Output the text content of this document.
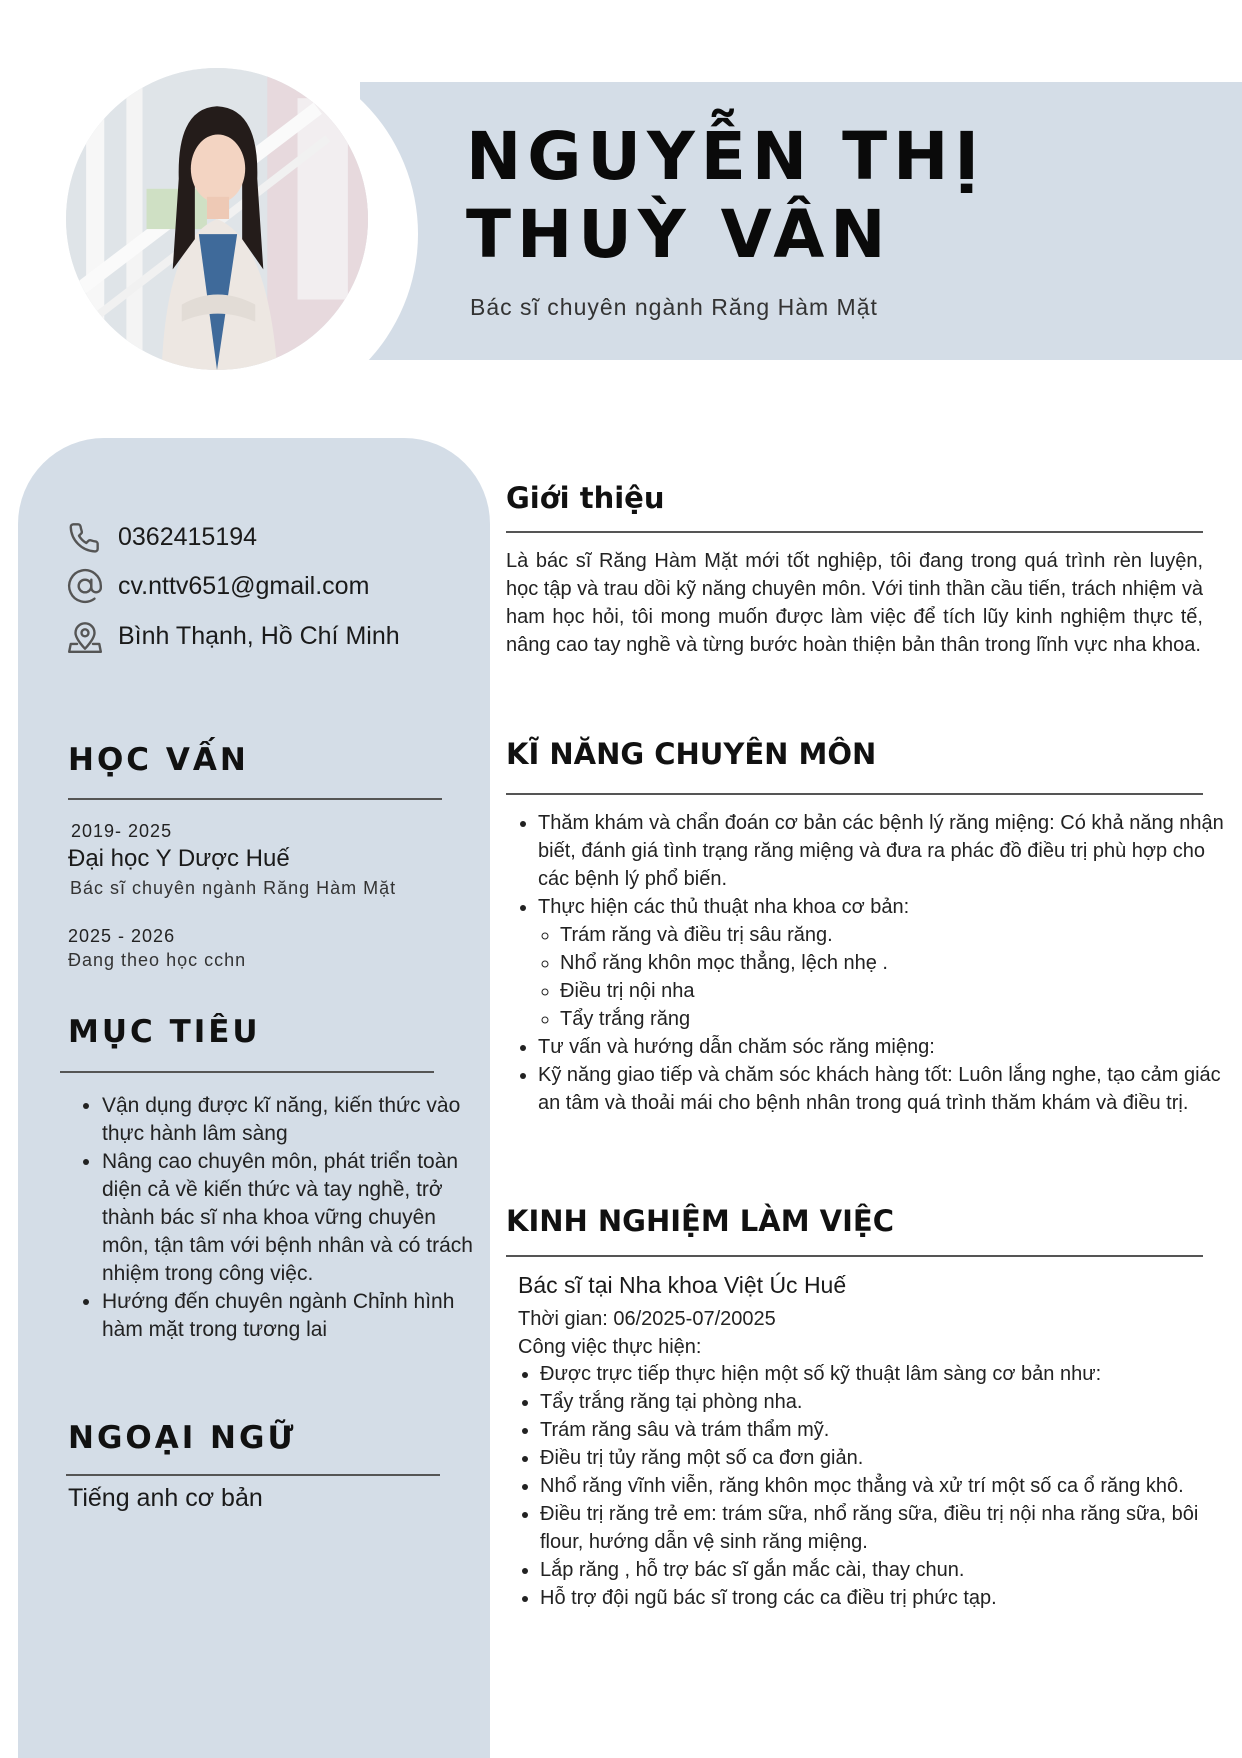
NGUYỄN THỊ
THUỲ VÂN
Bác sĩ chuyên ngành Răng Hàm Mặt
0362415194
cv.nttv651@gmail.com
Bình Thạnh, Hồ Chí Minh
HỌC VẤN
2019- 2025
Đại học Y Dược Huế
Bác sĩ chuyên ngành Răng Hàm Mặt
2025 - 2026
Đang theo học cchn
MỤC TIÊU
• Vận dụng được kĩ năng, kiến thức vào thực hành lâm sàng
• Nâng cao chuyên môn, phát triển toàn diện cả về kiến thức và tay nghề, trở thành bác sĩ nha khoa vững chuyên môn, tận tâm với bệnh nhân và có trách nhiệm trong công việc.
• Hướng đến chuyên ngành Chỉnh hình hàm mặt trong tương lai
NGOẠI NGỮ
Tiếng anh cơ bản
Giới thiệu

Là bác sĩ Răng Hàm Mặt mới tốt nghiệp, tôi đang trong quá trình rèn luyện, học tập và trau dồi kỹ năng chuyên môn. Với tinh thần cầu tiến, trách nhiệm và ham học hỏi, tôi mong muốn được làm việc để tích lũy kinh nghiệm thực tế, nâng cao tay nghề và từng bước hoàn thiện bản thân trong lĩnh vực nha khoa.

KĨ NĂNG CHUYÊN MÔN
• Thăm khám và chẩn đoán cơ bản các bệnh lý răng miệng: Có khả năng nhận biết, đánh giá tình trạng răng miệng và đưa ra phác đồ điều trị phù hợp cho các bệnh lý phổ biến.
• Thực hiện các thủ thuật nha khoa cơ bản:
◦ Trám răng và điều trị sâu răng.
◦ Nhổ răng khôn mọc thẳng, lệch nhẹ .
◦ Điều trị nội nha
◦ Tẩy trắng răng
• Tư vấn và hướng dẫn chăm sóc răng miệng:
• Kỹ năng giao tiếp và chăm sóc khách hàng tốt: Luôn lắng nghe, tạo cảm giác an tâm và thoải mái cho bệnh nhân trong quá trình thăm khám và điều trị.
KINH NGHIỆM LÀM VIỆC
Bác sĩ tại Nha khoa Việt Úc Huế
Thời gian: 06/2025-07/20025
Công việc thực hiện:
• Được trực tiếp thực hiện một số kỹ thuật lâm sàng cơ bản như:
• Tẩy trắng răng tại phòng nha.
• Trám răng sâu và trám thẩm mỹ.
• Điều trị tủy răng một số ca đơn giản.
• Nhổ răng vĩnh viễn, răng khôn mọc thẳng và xử trí một số ca ổ răng khô.
• Điều trị răng trẻ em: trám sữa, nhổ răng sữa, điều trị nội nha răng sữa, bôi flour, hướng dẫn vệ sinh răng miệng.
• Lắp răng , hỗ trợ bác sĩ gắn mắc cài, thay chun.
• Hỗ trợ đội ngũ bác sĩ trong các ca điều trị phức tạp.
